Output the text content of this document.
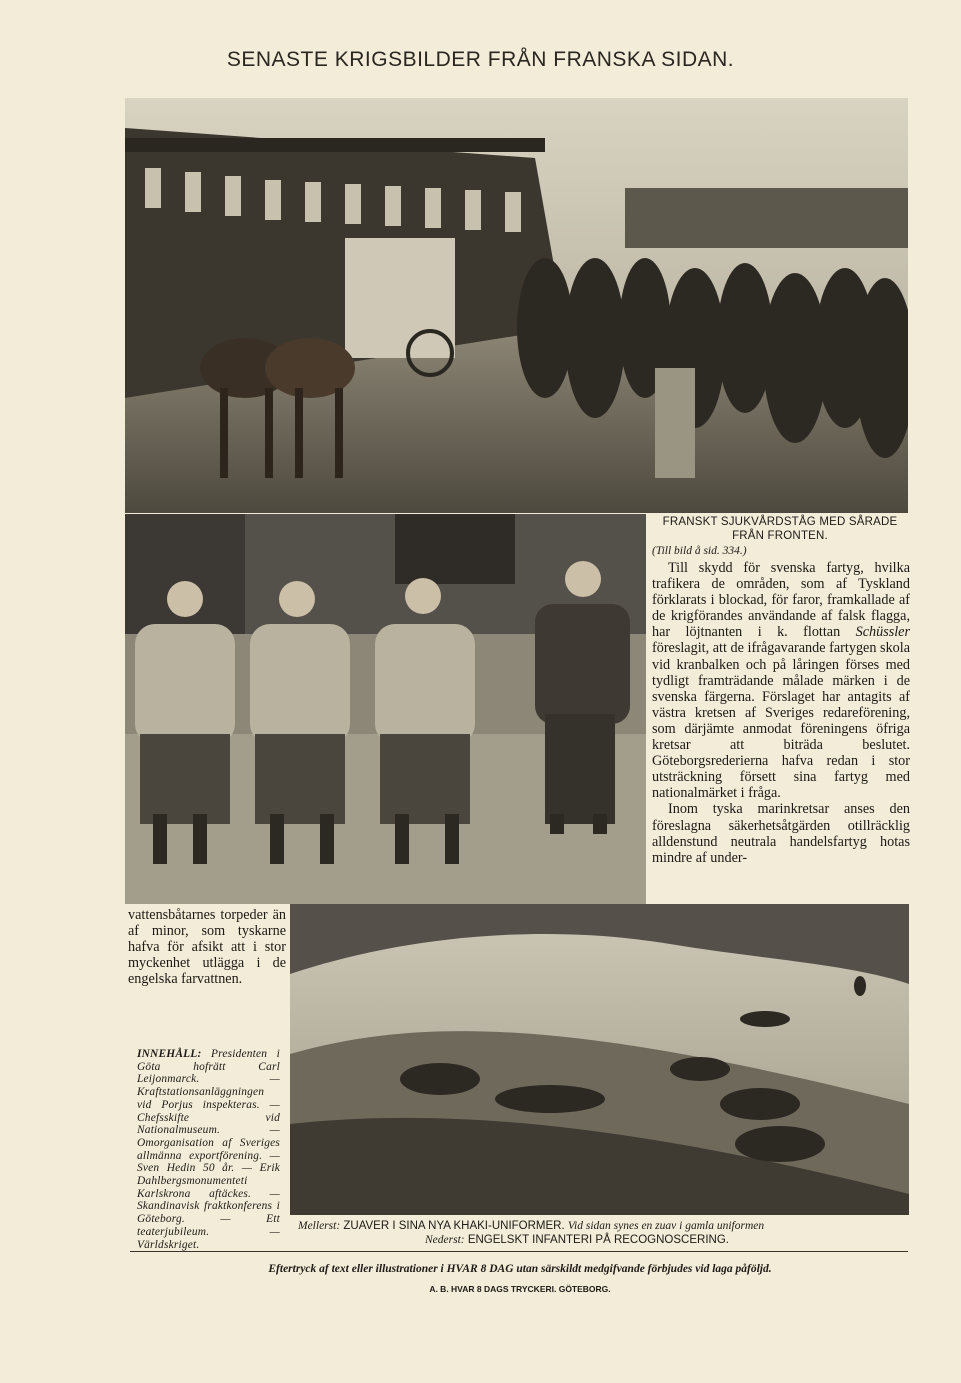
SENASTE KRIGSBILDER FRÅN FRANSKA SIDAN.
FRANSKT SJUKVÅRDSTÅG MED SÅRADE
FRÅN FRONTEN.
(Till bild å sid. 334.)

Till skydd för svenska fartyg, hvilka trafikera de områden, som af Tyskland förklarats i blockad, för faror, framkallade af de krigförandes användande af falsk flagga, har löjtnanten i k. flottan Schüssler föreslagit, att de ifrågavarande fartygen skola vid kranbalken och på låringen förses med tydligt framträdande målade märken i de svenska färgerna. Förslaget har antagits af västra kretsen af Sveriges redareförening, som därjämte anmodat föreningens öfriga kretsar att biträda beslutet. Göteborgsrederierna hafva redan i stor utsträckning försett sina fartyg med nationalmärket i fråga.

Inom tyska marinkretsar anses den föreslagna säkerhetsåtgärden otillräcklig alldenstund neutrala handelsfartyg hotas mindre af under-

vattensbåtarnes torpeder än af minor, som tyskarne hafva för afsikt att i stor myckenhet utlägga i de engelska farvattnen.
INNEHÅLL: Presidenten i Göta hofrätt Carl Leijonmarck. — Kraftstationsanläggningen vid Porjus inspekteras. — Chefsskifte vid Nationalmuseum. — Omorganisation af Sveriges allmänna exportförening. — Sven Hedin 50 år. — Erik Dahlbergsmonumenteti Karlskrona aftäckes. — Skandinavisk fraktkonferens i Göteborg. — Ett teaterjubileum. — Världskriget.
Mellerst: ZUAVER I SINA NYA KHAKI-UNIFORMER. Vid sidan synes en zuav i gamla uniformen
Nederst: ENGELSKT INFANTERI PÅ RECOGNOSCERING.
Eftertryck af text eller illustrationer i HVAR 8 DAG utan särskildt medgifvande förbjudes vid laga påföljd.
A. B. HVAR 8 DAGS TRYCKERI. GÖTEBORG.
